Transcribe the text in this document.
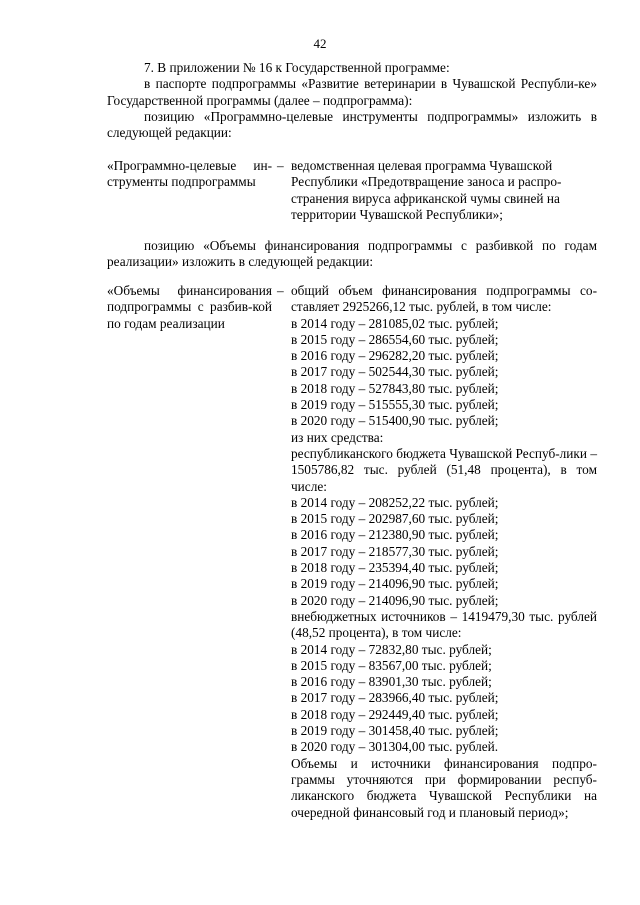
42

7. В приложении № 16 к Государственной программе:

в паспорте подпрограммы «Развитие ветеринарии в Чувашской Республи-ке» Государственной программы (далее – подпрограмма):

позицию «Программно-целевые инструменты подпрограммы» изложить в следующей редакции:

«Программно-целевые ин-струменты подпрограммы
– ведомственная целевая программа Чувашской Республики «Предотвращение заноса и распро-странения вируса африканской чумы свиней на территории Чувашской Республики»;

позицию «Объемы финансирования подпрограммы с разбивкой по годам реализации» изложить в следующей редакции:

«Объемы финансирования подпрограммы с разбив-кой по годам реализации
– общий объем финансирования подпрограммы со-ставляет 2925266,12 тыс. рублей, в том числе:
в 2014 году – 281085,02 тыс. рублей;
в 2015 году – 286554,60 тыс. рублей;
в 2016 году – 296282,20 тыс. рублей;
в 2017 году – 502544,30 тыс. рублей;
в 2018 году – 527843,80 тыс. рублей;
в 2019 году – 515555,30 тыс. рублей;
в 2020 году – 515400,90 тыс. рублей;
из них средства:
республиканского бюджета Чувашской Респуб-лики – 1505786,82 тыс. рублей (51,48 процента), в том числе:
в 2014 году – 208252,22 тыс. рублей;
в 2015 году – 202987,60 тыс. рублей;
в 2016 году – 212380,90 тыс. рублей;
в 2017 году – 218577,30 тыс. рублей;
в 2018 году – 235394,40 тыс. рублей;
в 2019 году – 214096,90 тыс. рублей;
в 2020 году – 214096,90 тыс. рублей;
внебюджетных источников – 1419479,30 тыс. рублей (48,52 процента), в том числе:
в 2014 году – 72832,80 тыс. рублей;
в 2015 году – 83567,00 тыс. рублей;
в 2016 году – 83901,30 тыс. рублей;
в 2017 году – 283966,40 тыс. рублей;
в 2018 году – 292449,40 тыс. рублей;
в 2019 году – 301458,40 тыс. рублей;
в 2020 году – 301304,00 тыс. рублей.
Объемы и источники финансирования подпро-граммы уточняются при формировании респуб-ликанского бюджета Чувашской Республики на очередной финансовый год и плановый период»;
